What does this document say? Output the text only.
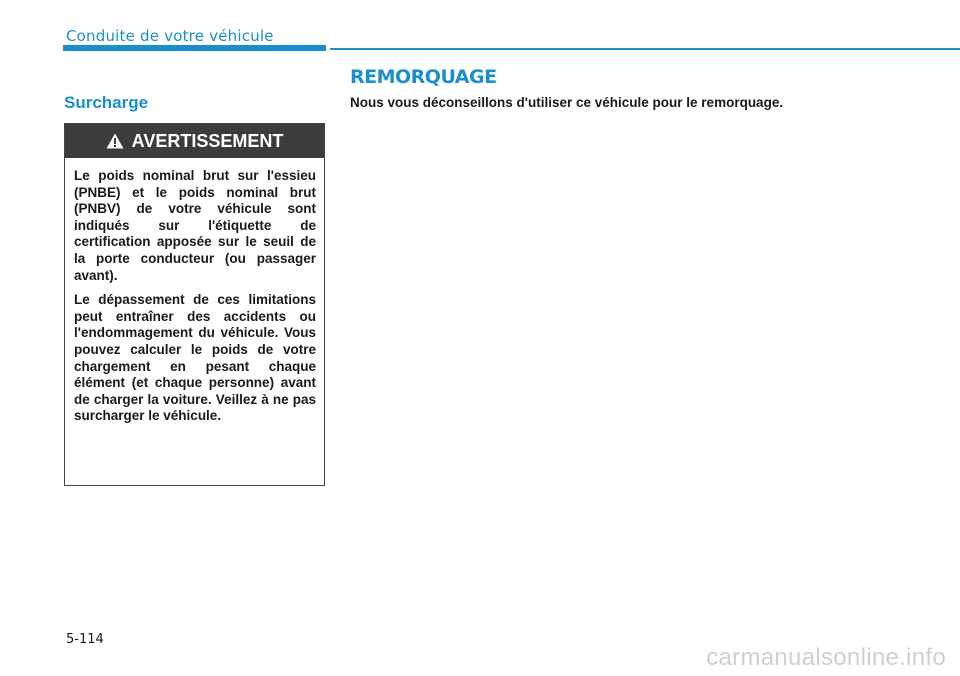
Conduite de votre véhicule
Surcharge
AVERTISSEMENT

Le poids nominal brut sur l'essieu (PNBE) et le poids nominal brut (PNBV) de votre véhicule sont indiqués sur l'étiquette de certification apposée sur le seuil de la porte conducteur (ou passager avant).

Le dépassement de ces limitations peut entraîner des accidents ou l'endommagement du véhicule. Vous pouvez calculer le poids de votre chargement en pesant chaque élément (et chaque personne) avant de charger la voiture. Veillez à ne pas surcharger le véhicule.

REMORQUAGE
Nous vous déconseillons d'utiliser ce véhicule pour le remorquage.
5-114
carmanualsonline.info
